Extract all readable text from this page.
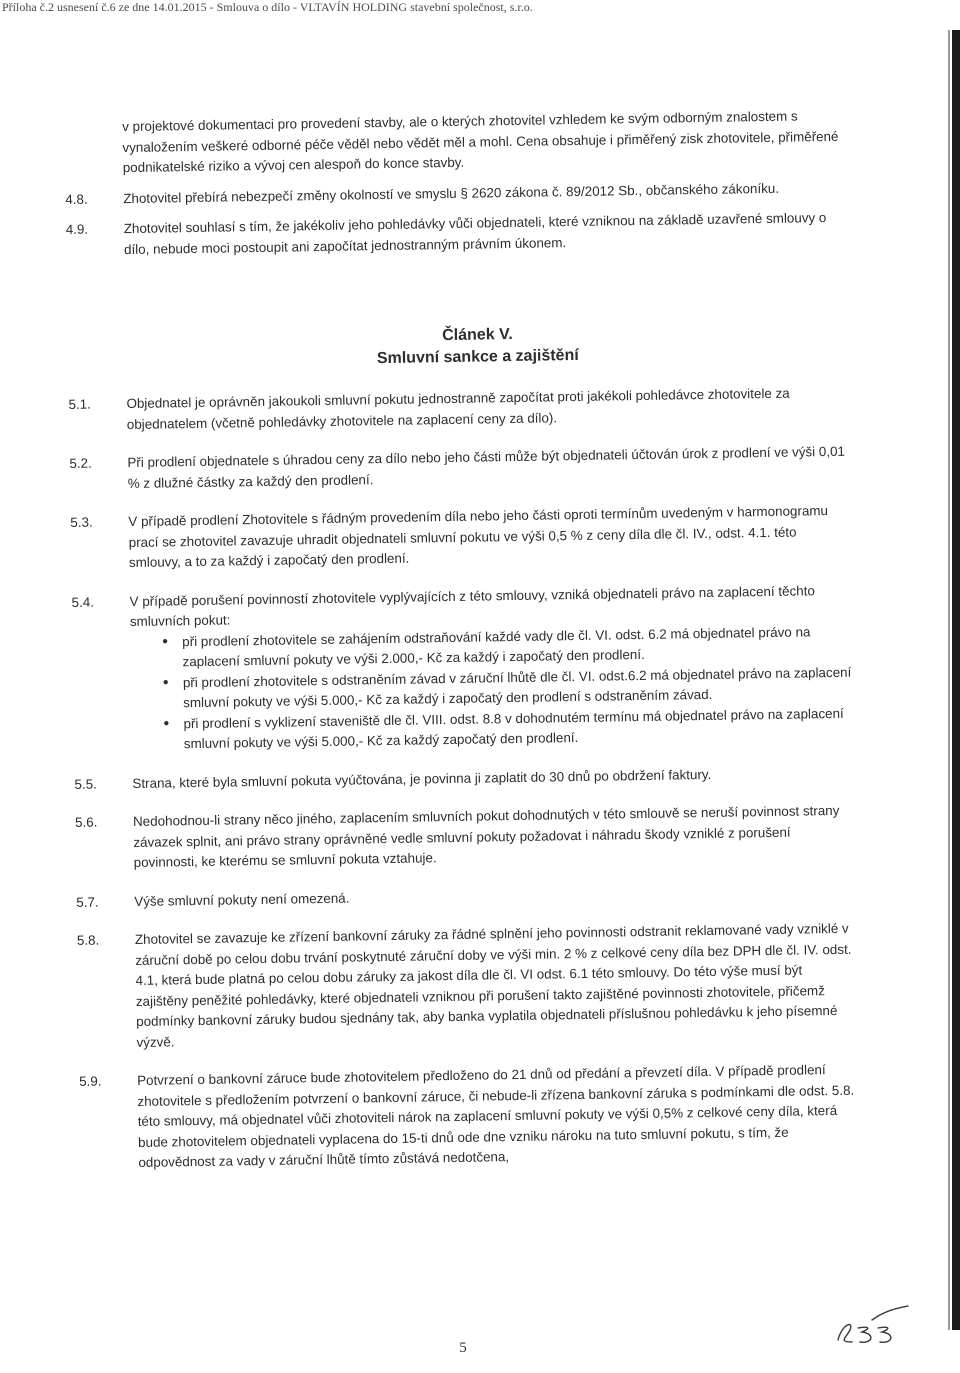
Příloha č.2 usnesení č.6 ze dne 14.01.2015 - Smlouva o dílo - VLTAVÍN HOLDING stavební společnost, s.r.o.

v projektové dokumentaci pro provedení stavby, ale o kterých zhotovitel vzhledem ke svým odborným znalostem s vynaložením veškeré odborné péče věděl nebo vědět měl a mohl. Cena obsahuje i přiměřený zisk zhotovitele, přiměřené podnikatelské riziko a vývoj cen alespoň do konce stavby.

4.8.	Zhotovitel přebírá nebezpečí změny okolností ve smyslu § 2620 zákona č. 89/2012 Sb., občanského zákoníku.

4.9.	Zhotovitel souhlasí s tím, že jakékoliv jeho pohledávky vůči objednateli, které vzniknou na základě uzavřené smlouvy o dílo, nebude moci postoupit ani započítat jednostranným právním úkonem.

Článek V.
Smluvní sankce a zajištění

5.1.	Objednatel je oprávněn jakoukoli smluvní pokutu jednostranně započítat proti jakékoli pohledávce zhotovitele za objednatelem (včetně pohledávky zhotovitele na zaplacení ceny za dílo).

5.2.	Při prodlení objednatele s úhradou ceny za dílo nebo jeho části může být objednateli účtován úrok z prodlení ve výši 0,01 % z dlužné částky za každý den prodlení.

5.3.	V případě prodlení Zhotovitele s řádným provedením díla nebo jeho části oproti termínům uvedeným v harmonogramu prací se zhotovitel zavazuje uhradit objednateli smluvní pokutu ve výši 0,5 % z ceny díla dle čl. IV., odst. 4.1. této smlouvy, a to za každý i započatý den prodlení.

5.4.	V případě porušení povinností zhotovitele vyplývajících z této smlouvy, vzniká objednateli právo na zaplacení těchto smluvních pokut:
• při prodlení zhotovitele se zahájením odstraňování každé vady dle čl. VI. odst. 6.2 má objednatel právo na zaplacení smluvní pokuty ve výši 2.000,- Kč za každý i započatý den prodlení.
• při prodlení zhotovitele s odstraněním závad v záruční lhůtě dle čl. VI. odst.6.2 má objednatel právo na zaplacení smluvní pokuty ve výši 5.000,- Kč za každý i započatý den prodlení s odstraněním závad.
• při prodlení s vyklizení staveniště dle čl. VIII. odst. 8.8 v dohodnutém termínu má objednatel právo na zaplacení smluvní pokuty ve výši 5.000,- Kč za každý započatý den prodlení.

5.5.	Strana, které byla smluvní pokuta vyúčtována, je povinna ji zaplatit do 30 dnů po obdržení faktury.

5.6.	Nedohodnou-li strany něco jiného, zaplacením smluvních pokut dohodnutých v této smlouvě se neruší povinnost strany závazek splnit, ani právo strany oprávněné vedle smluvní pokuty požadovat i náhradu škody vzniklé z porušení povinnosti, ke kterému se smluvní pokuta vztahuje.

5.7.	Výše smluvní pokuty není omezená.

5.8.	Zhotovitel se zavazuje ke zřízení bankovní záruky za řádné splnění jeho povinnosti odstranit reklamované vady vzniklé v záruční době po celou dobu trvání poskytnuté záruční doby ve výši min. 2 % z celkové ceny díla bez DPH dle čl. IV. odst. 4.1, která bude platná po celou dobu záruky za jakost díla dle čl. VI odst. 6.1 této smlouvy. Do této výše musí být zajištěny peněžité pohledávky, které objednateli vzniknou při porušení takto zajištěné povinnosti zhotovitele, přičemž podmínky bankovní záruky budou sjednány tak, aby banka vyplatila objednateli příslušnou pohledávku k jeho písemné výzvě.

5.9.	Potvrzení o bankovní záruce bude zhotovitelem předloženo do 21 dnů od předání a převzetí díla. V případě prodlení zhotovitele s předložením potvrzení o bankovní záruce, či nebude-li zřízena bankovní záruka s podmínkami dle odst. 5.8. této smlouvy, má objednatel vůči zhotoviteli nárok na zaplacení smluvní pokuty ve výši 0,5% z celkové ceny díla, která bude zhotovitelem objednateli vyplacena do 15-ti dnů ode dne vzniku nároku na tuto smluvní pokutu, s tím, že odpovědnost za vady v záruční lhůtě tímto zůstává nedotčena,

5
